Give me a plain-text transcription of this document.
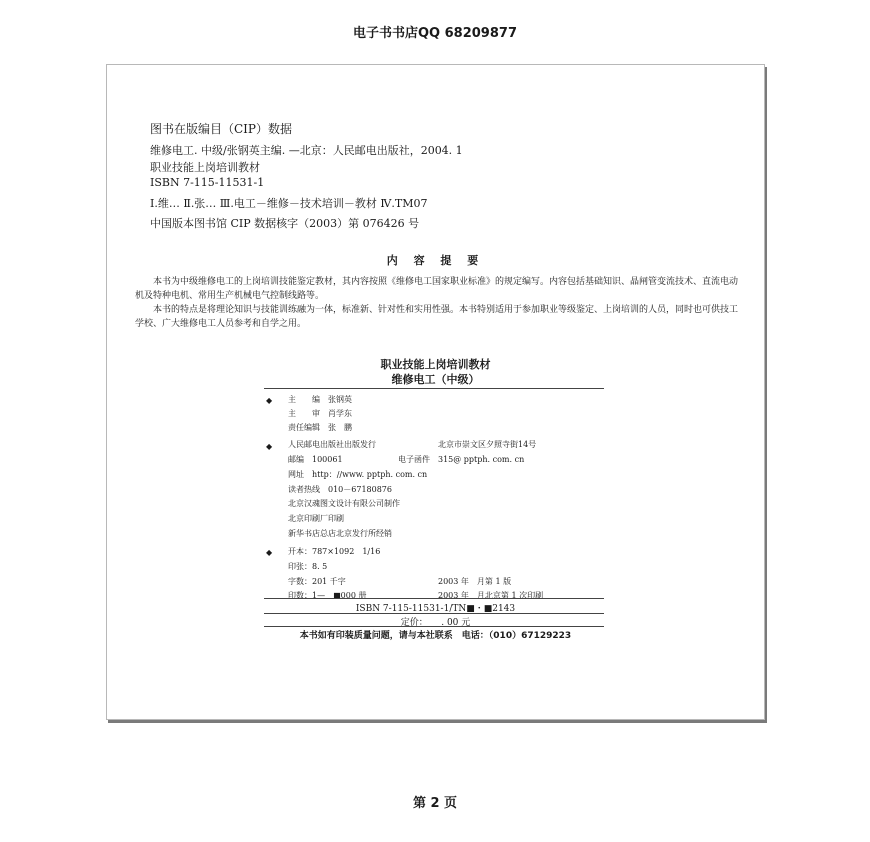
电子书书店QQ 68209877
图书在版编目（CIP）数据
维修电工. 中级/张钢英主编. —北京：人民邮电出版社，2004. 1
职业技能上岗培训教材
ISBN 7-115-11531-1
Ⅰ.维… Ⅱ.张… Ⅲ.电工－维修－技术培训－教材 Ⅳ.TM07
中国版本图书馆 CIP 数据核字（2003）第 076426 号
内 容 提 要
本书为中级维修电工的上岗培训技能鉴定教材，其内容按照《维修电工国家职业标准》的规定编写。内容包括基础知识、晶闸管变流技术、直流电动机及特种电机、常用生产机械电气控制线路等。
本书的特点是将理论知识与技能训练融为一体，标准新、针对性和实用性强。本书特别适用于参加职业等级鉴定、上岗培训的人员，同时也可供技工学校、广大维修电工人员参考和自学之用。
职业技能上岗培训教材
维修电工（中级）
◆ 主　　编　张钢英
主　　审　肖学东
责任编辑　张　鹏
◆ 人民邮电出版社出版发行	北京市崇文区夕照寺街14号
邮编　100061	电子函件　315@ pptph. com. cn
网址　http：//www. pptph. com. cn
读者热线　010－67180876
北京汉魂图文设计有限公司制作
北京印刷厂印刷
新华书店总店北京发行所经销
◆ 开本：787×1092　1/16
印张：8. 5
字数：201 千字	2003 年　月第 1 版
印数：1—　■000 册	2003 年　月北京第 1 次印刷
ISBN 7-115-11531-1/TN■・■2143
定价：　　. 00 元
本书如有印装质量问题，请与本社联系　电话：（010）67129223
第 2 页
